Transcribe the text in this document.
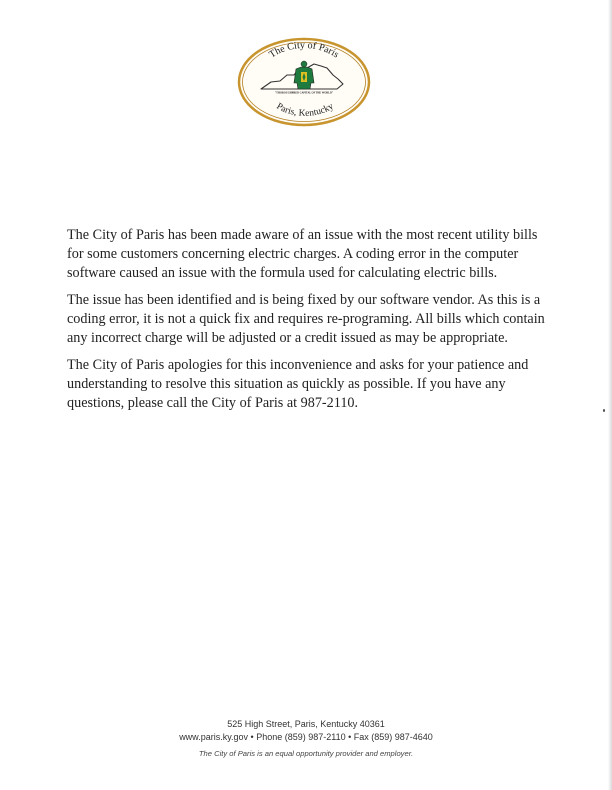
The City of Paris
Paris, Kentucky
"THOROUGHBRED CAPITAL OF THE WORLD"

The City of Paris has been made aware of an issue with the most recent utility bills for some customers concerning electric charges. A coding error in the computer software caused an issue with the formula used for calculating electric bills.

The issue has been identified and is being fixed by our software vendor. As this is a coding error, it is not a quick fix and requires re-programing. All bills which contain any incorrect charge will be adjusted or a credit issued as may be appropriate.

The City of Paris apologies for this inconvenience and asks for your patience and understanding to resolve this situation as quickly as possible. If you have any questions, please call the City of Paris at 987-2110.

525 High Street, Paris, Kentucky 40361
www.paris.ky.gov • Phone (859) 987-2110 • Fax (859) 987-4640
The City of Paris is an equal opportunity provider and employer.
